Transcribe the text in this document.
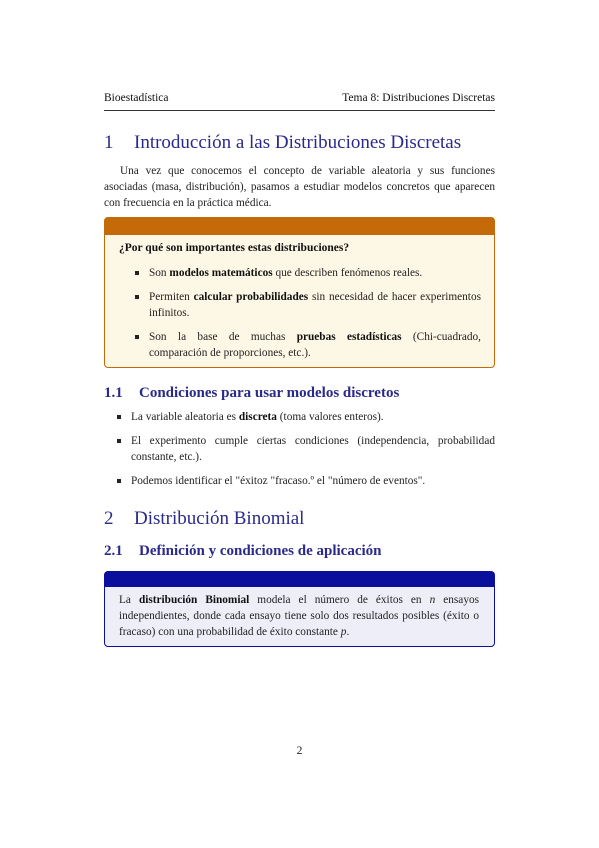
Bioestadística	Tema 8: Distribuciones Discretas
1 Introducción a las Distribuciones Discretas
Una vez que conocemos el concepto de variable aleatoria y sus funciones asociadas (masa, distribución), pasamos a estudiar modelos concretos que aparecen con frecuencia en la práctica médica.
¿Por qué son importantes estas distribuciones?
Son modelos matemáticos que describen fenómenos reales.
Permiten calcular probabilidades sin necesidad de hacer experimentos infinitos.
Son la base de muchas pruebas estadísticas (Chi-cuadrado, comparación de proporciones, etc.).
1.1 Condiciones para usar modelos discretos
La variable aleatoria es discreta (toma valores enteros).
El experimento cumple ciertas condiciones (independencia, probabilidad constante, etc.).
Podemos identificar el "éxitoz "fracaso.º el "número de eventos".
2 Distribución Binomial
2.1 Definición y condiciones de aplicación
La distribución Binomial modela el número de éxitos en n ensayos independientes, donde cada ensayo tiene solo dos resultados posibles (éxito o fracaso) con una probabilidad de éxito constante p.
2
